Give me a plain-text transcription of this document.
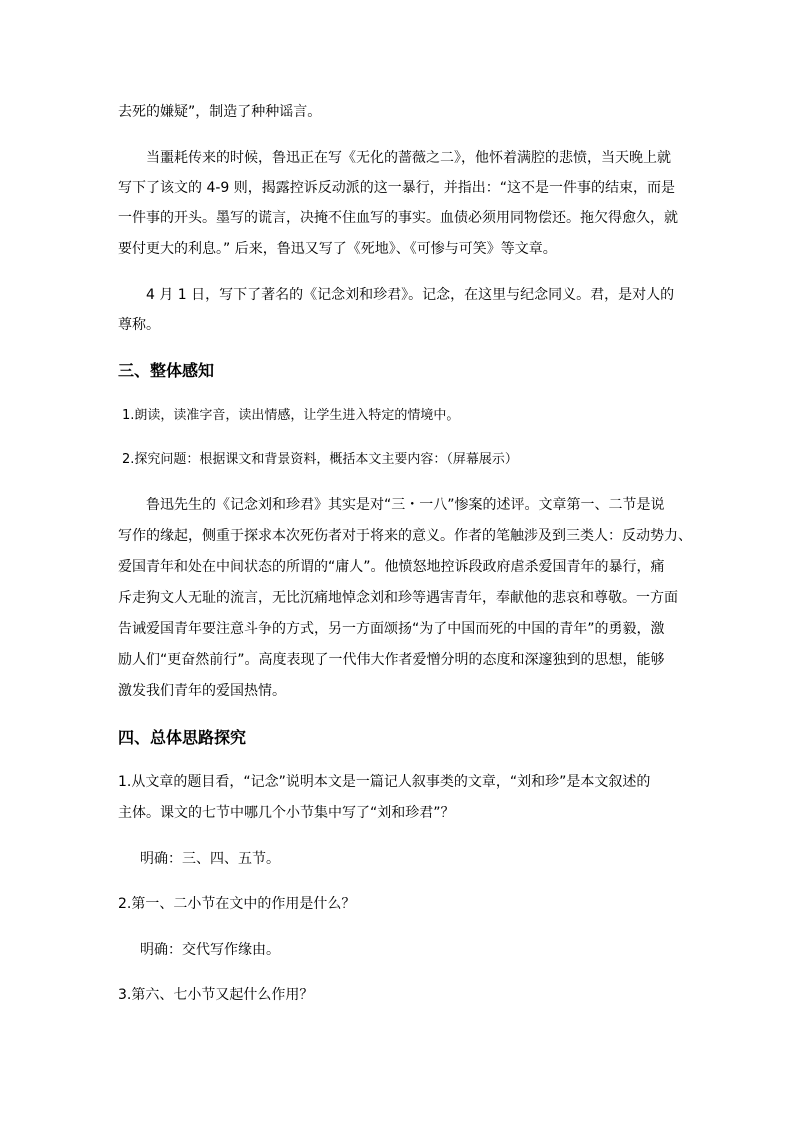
去死的嫌疑”，制造了种种谣言。
当噩耗传来的时候，鲁迅正在写《无化的蔷薇之二》，他怀着满腔的悲愤，当天晚上就
写下了该文的 4-9 则，揭露控诉反动派的这一暴行，并指出：“这不是一件事的结束，而是
一件事的开头。墨写的谎言，决掩不住血写的事实。血债必须用同物偿还。拖欠得愈久，就
要付更大的利息。” 后来，鲁迅又写了《死地》、《可惨与可笑》等文章。
4 月 1 日，写下了著名的《记念刘和珍君》。记念，在这里与纪念同义。君，是对人的
尊称。
三、整体感知
1.朗读，读准字音，读出情感，让学生进入特定的情境中。
2.探究问题：根据课文和背景资料，概括本文主要内容：（屏幕展示）
鲁迅先生的《记念刘和珍君》其实是对“三・一八”惨案的述评。文章第一、二节是说
写作的缘起，侧重于探求本次死伤者对于将来的意义。作者的笔触涉及到三类人：反动势力、
爱国青年和处在中间状态的所谓的“庸人”。他愤怒地控诉段政府虐杀爱国青年的暴行，痛
斥走狗文人无耻的流言，无比沉痛地悼念刘和珍等遇害青年，奉献他的悲哀和尊敬。一方面
告诫爱国青年要注意斗争的方式，另一方面颂扬“为了中国而死的中国的青年”的勇毅，激
励人们“更奋然前行”。高度表现了一代伟大作者爱憎分明的态度和深邃独到的思想，能够
激发我们青年的爱国热情。
四、总体思路探究
1.从文章的题目看，“记念”说明本文是一篇记人叙事类的文章，“刘和珍”是本文叙述的
主体。课文的七节中哪几个小节集中写了“刘和珍君”？
明确：三、四、五节。
2.第一、二小节在文中的作用是什么？
明确：交代写作缘由。
3.第六、七小节又起什么作用？
